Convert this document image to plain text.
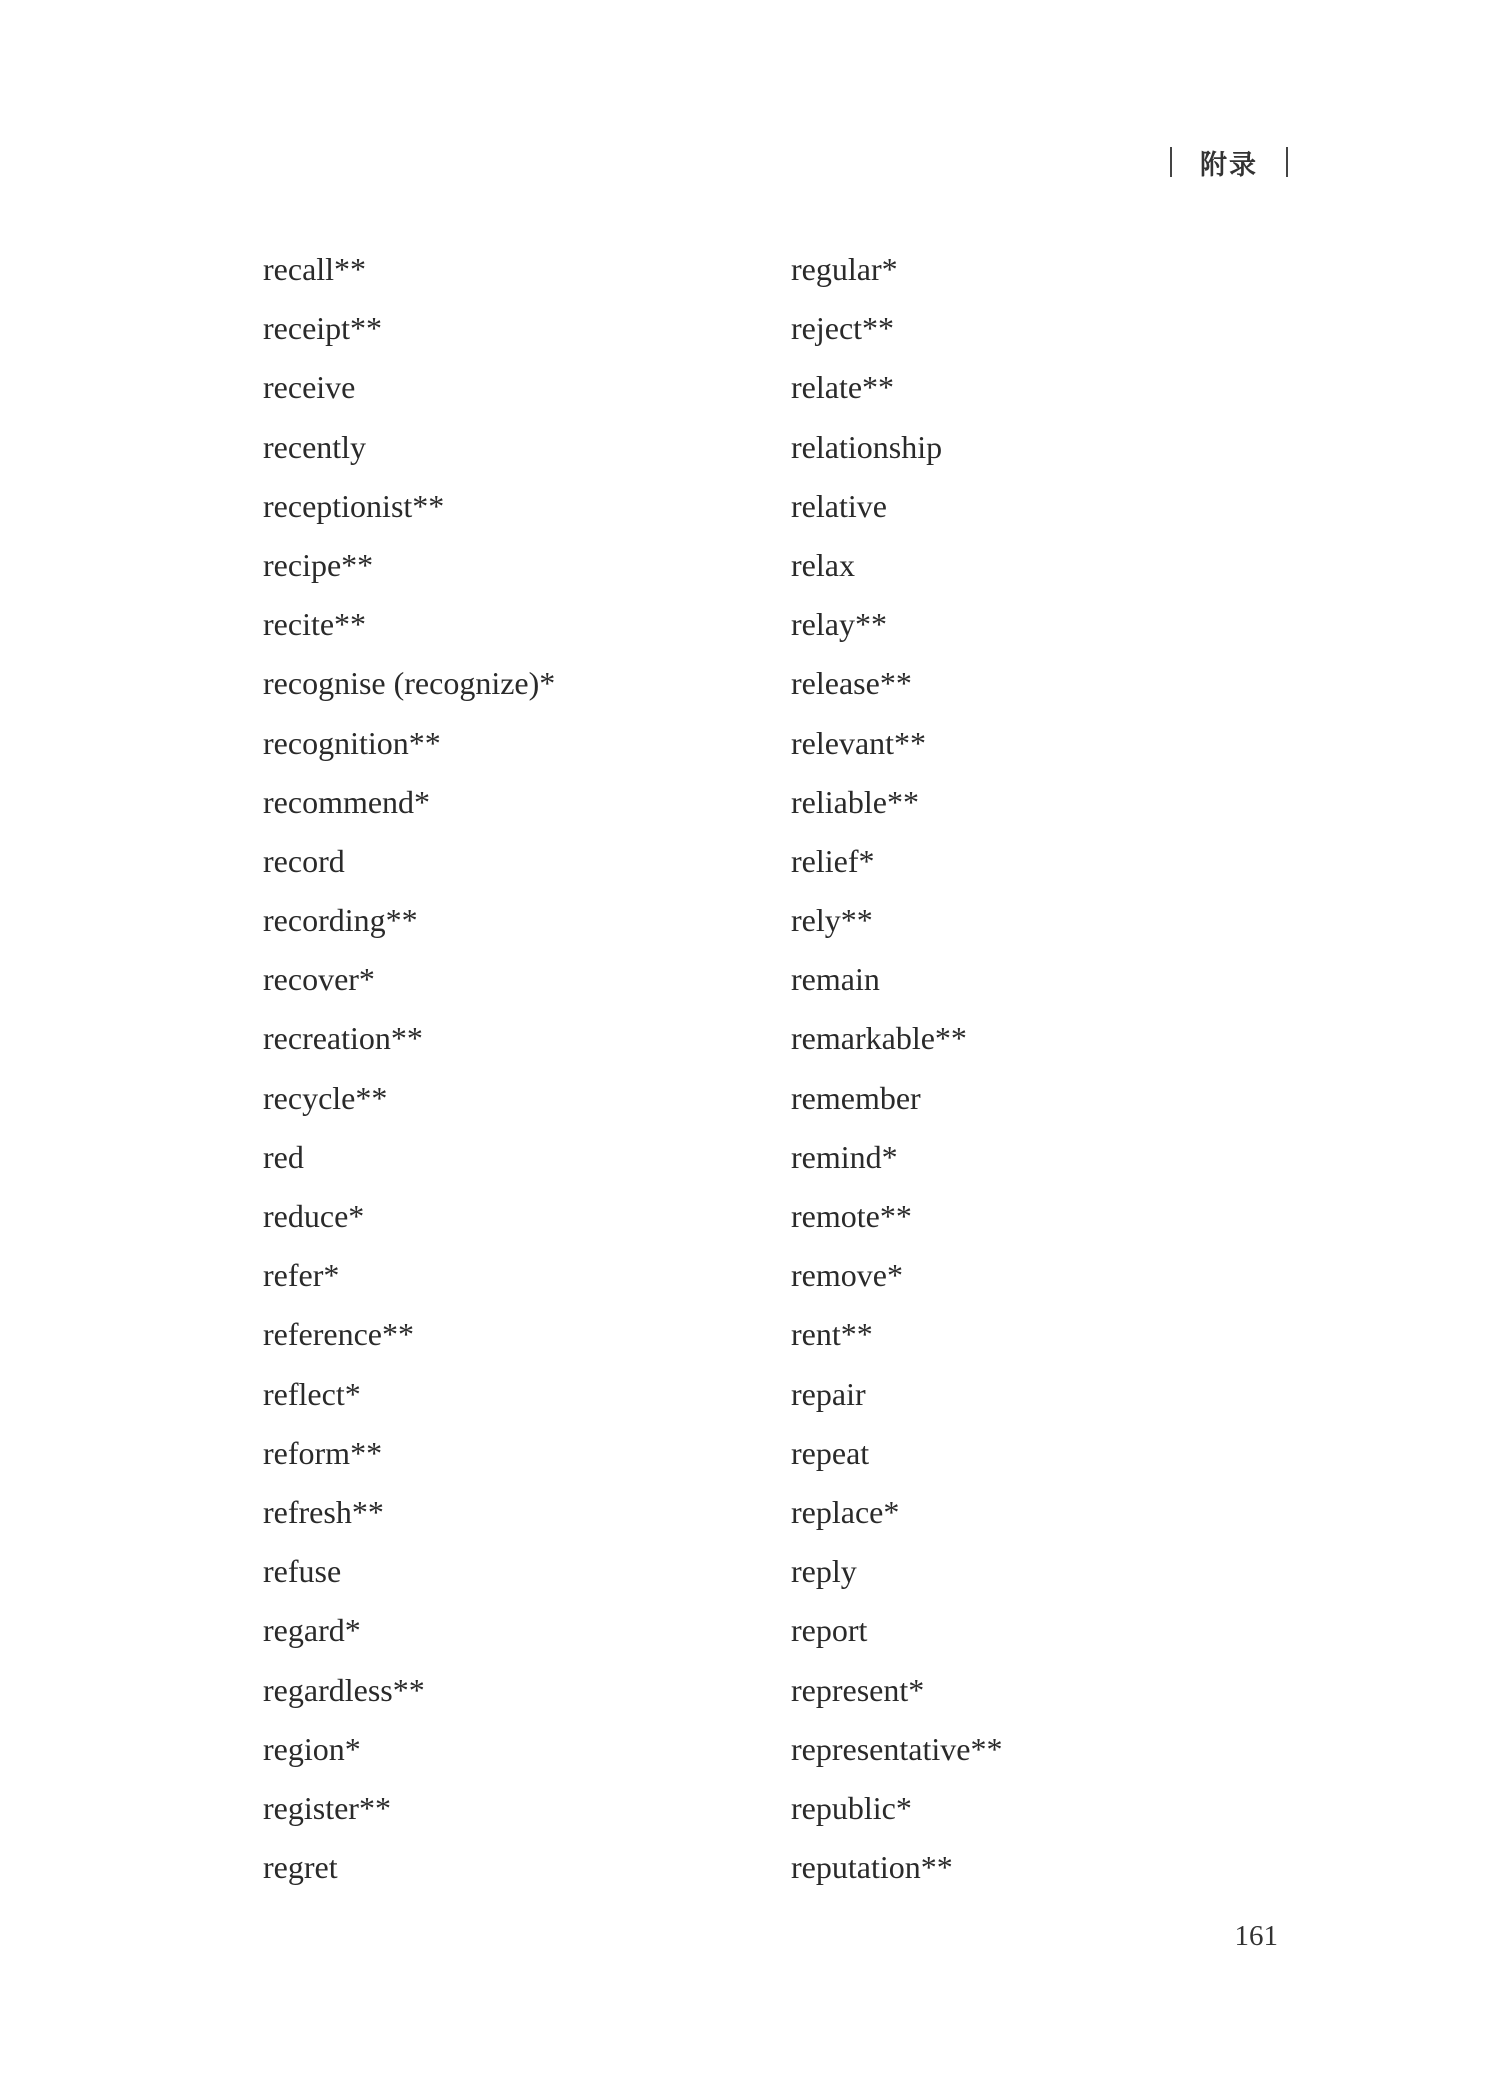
附录
recall**
receipt**
receive
recently
receptionist**
recipe**
recite**
recognise (recognize)*
recognition**
recommend*
record
recording**
recover*
recreation**
recycle**
red
reduce*
refer*
reference**
reflect*
reform**
refresh**
refuse
regard*
regardless**
region*
register**
regret
regular*
reject**
relate**
relationship
relative
relax
relay**
release**
relevant**
reliable**
relief*
rely**
remain
remarkable**
remember
remind*
remote**
remove*
rent**
repair
repeat
replace*
reply
report
represent*
representative**
republic*
reputation**
161
